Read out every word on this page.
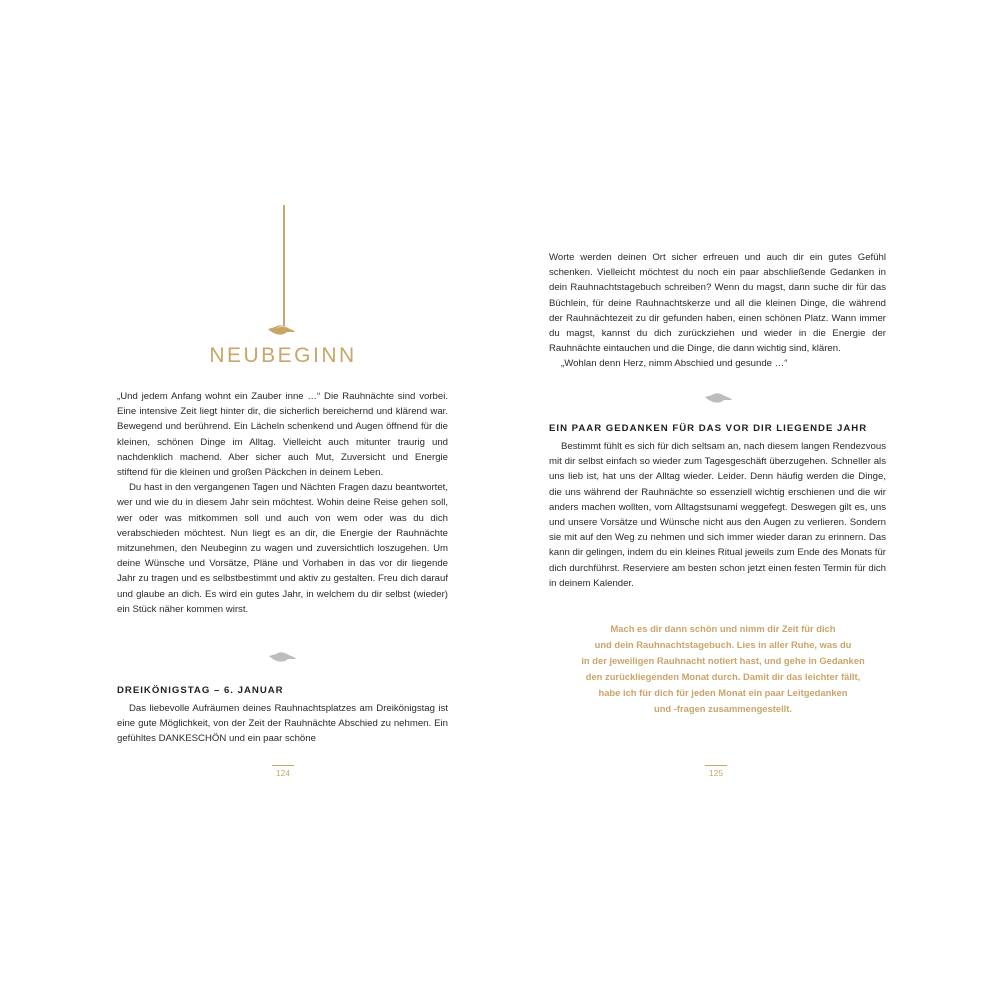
NEUBEGINN

„Und jedem Anfang wohnt ein Zauber inne …“ Die Rauhnächte sind vorbei. Eine intensive Zeit liegt hinter dir, die sicherlich bereichernd und klärend war. Bewegend und berührend. Ein Lächeln schenkend und Augen öffnend für die kleinen, schönen Dinge im Alltag. Vielleicht auch mitunter traurig und nachdenklich machend. Aber sicher auch Mut, Zuversicht und Energie stiftend für die kleinen und großen Päckchen in deinem Leben.

Du hast in den vergangenen Tagen und Nächten Fragen dazu beantwortet, wer und wie du in diesem Jahr sein möchtest. Wohin deine Reise gehen soll, wer oder was mitkommen soll und auch von wem oder was du dich verabschieden möchtest. Nun liegt es an dir, die Energie der Rauhnächte mitzunehmen, den Neubeginn zu wagen und zuversichtlich loszugehen. Um deine Wünsche und Vorsätze, Pläne und Vorhaben in das vor dir liegende Jahr zu tragen und es selbstbestimmt und aktiv zu gestalten. Freu dich darauf und glaube an dich. Es wird ein gutes Jahr, in welchem du dir selbst (wieder) ein Stück näher kommen wirst.

DREIKÖNIGSTAG – 6. JANUAR
Das liebevolle Aufräumen deines Rauhnachtsplatzes am Dreikönigstag ist eine gute Möglichkeit, von der Zeit der Rauhnächte Abschied zu nehmen. Ein gefühltes DANKESCHÖN und ein paar schöne
124

Worte werden deinen Ort sicher erfreuen und auch dir ein gutes Gefühl schenken. Vielleicht möchtest du noch ein paar abschließende Gedanken in dein Rauhnachtstagebuch schreiben? Wenn du magst, dann suche dir für das Büchlein, für deine Rauhnachtskerze und all die kleinen Dinge, die während der Rauhnächtezeit zu dir gefunden haben, einen schönen Platz. Wann immer du magst, kannst du dich zurückziehen und wieder in die Energie der Rauhnächte eintauchen und die Dinge, die dann wichtig sind, klären.

„Wohlan denn Herz, nimm Abschied und gesunde …“

EIN PAAR GEDANKEN FÜR DAS VOR DIR LIEGENDE JAHR
Bestimmt fühlt es sich für dich seltsam an, nach diesem langen Rendezvous mit dir selbst einfach so wieder zum Tagesgeschäft überzugehen. Schneller als uns lieb ist, hat uns der Alltag wieder. Leider. Denn häufig werden die Dinge, die uns während der Rauhnächte so essenziell wichtig erschienen und die wir anders machen wollten, vom Alltagstsunami weggefegt. Deswegen gilt es, uns und unsere Vorsätze und Wünsche nicht aus den Augen zu verlieren. Sondern sie mit auf den Weg zu nehmen und sich immer wieder daran zu erinnern. Das kann dir gelingen, indem du ein kleines Ritual jeweils zum Ende des Monats für dich durchführst. Reserviere am besten schon jetzt einen festen Termin für dich in deinem Kalender.
125
Mach es dir dann schön und nimm dir Zeit für dich
und dein Rauhnachtstagebuch. Lies in aller Ruhe, was du
in der jeweiligen Rauhnacht notiert hast, und gehe in Gedanken
den zurückliegenden Monat durch. Damit dir das leichter fällt,
habe ich für dich für jeden Monat ein paar Leitgedanken
und -fragen zusammengestellt.
